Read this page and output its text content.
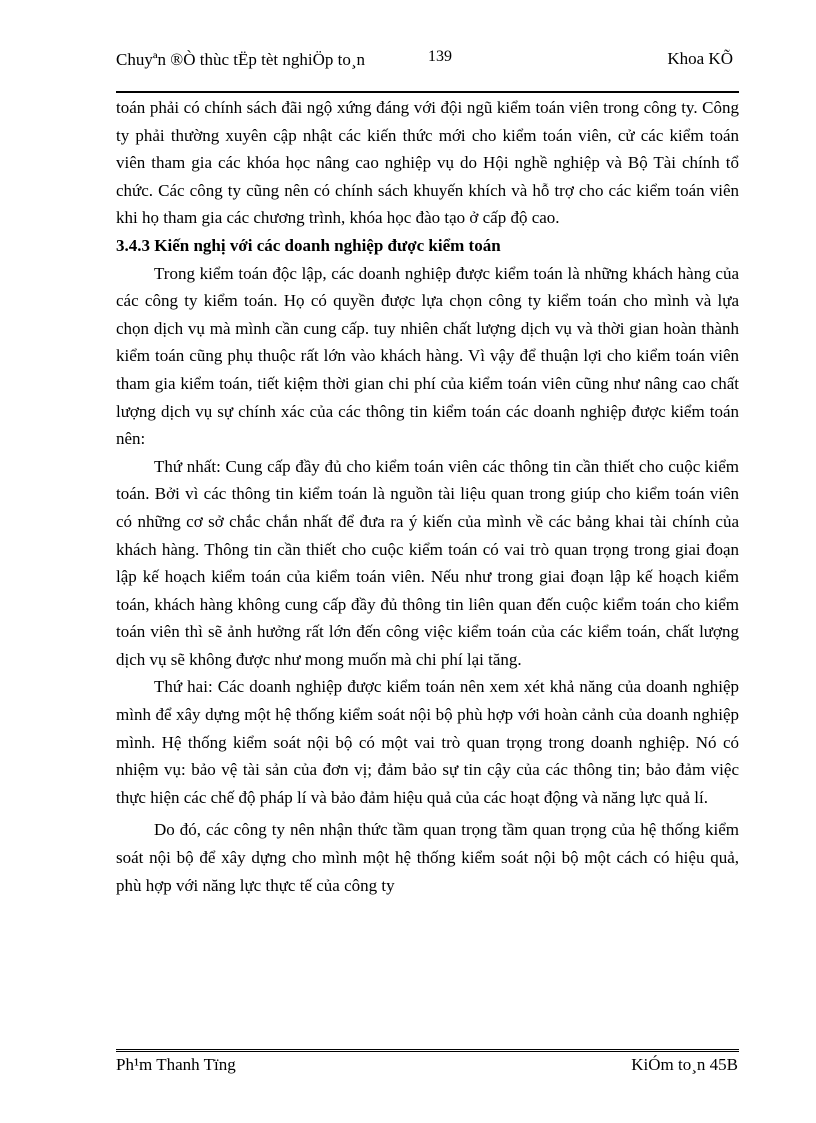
Chuyªn ®Ò thùc tËp tèt nghiÖp to¸n	139	Khoa KÕ

toán phải có chính sách đãi ngộ xứng đáng với đội ngũ kiểm toán viên trong công ty. Công ty phải thường xuyên cập nhật các kiến thức mới cho kiểm toán viên, cử các kiểm toán viên tham gia các khóa học nâng cao nghiệp vụ do Hội nghề nghiệp và Bộ Tài chính tổ chức. Các công ty cũng nên có chính sách khuyến khích và hỗ trợ cho các kiểm toán viên khi họ tham gia các chương trình, khóa học đào tạo ở cấp độ cao.

3.4.3 Kiến nghị với các doanh nghiệp được kiểm toán

Trong kiểm toán độc lập, các doanh nghiệp được kiểm toán là những khách hàng của các công ty kiểm toán. Họ có quyền được lựa chọn công ty kiểm toán cho mình và lựa chọn dịch vụ mà mình cần cung cấp. tuy nhiên chất lượng dịch vụ và thời gian hoàn thành kiểm toán cũng phụ thuộc rất lớn vào khách hàng. Vì vậy để thuận lợi cho kiểm toán viên tham gia kiểm toán, tiết kiệm thời gian chi phí của kiểm toán viên cũng như nâng cao chất lượng dịch vụ sự chính xác của các thông tin kiểm toán các doanh nghiệp được kiểm toán nên:

Thứ nhất: Cung cấp đầy đủ cho kiểm toán viên các thông tin cần thiết cho cuộc kiểm toán. Bởi vì các thông tin kiểm toán là nguồn tài liệu quan trong giúp cho kiểm toán viên có những cơ sở chắc chắn nhất để đưa ra ý kiến của mình về các bảng khai tài chính của khách hàng. Thông tin cần thiết cho cuộc kiểm toán có vai trò quan trọng trong giai đoạn lập kế hoạch kiểm toán của kiểm toán viên. Nếu như trong giai đoạn lập kế hoạch kiểm toán, khách hàng không cung cấp đầy đủ thông tin liên quan đến cuộc kiểm toán cho kiểm toán viên thì sẽ ảnh hưởng rất lớn đến công việc kiểm toán của các kiểm toán, chất lượng dịch vụ sẽ không được như mong muốn mà chi phí lại tăng.

Thứ hai: Các doanh nghiệp được kiểm toán nên xem xét khả năng của doanh nghiệp mình để xây dựng một hệ thống kiểm soát nội bộ phù hợp với hoàn cảnh của doanh nghiệp mình. Hệ thống kiểm soát nội bộ có một vai trò quan trọng trong doanh nghiệp. Nó có nhiệm vụ: bảo vệ tài sản của đơn vị; đảm bảo sự tin cậy của các thông tin; bảo đảm việc thực hiện các chế độ pháp lí và bảo đảm hiệu quả của các hoạt động và năng lực quả lí.

Do đó, các công ty nên nhận thức tầm quan trọng tầm quan trọng của hệ thống kiểm soát nội bộ để xây dựng cho mình một hệ thống kiểm soát nội bộ một cách có hiệu quả, phù hợp với năng lực thực tế của công ty

Ph¹m Thanh Tïng	KiÓm to¸n 45B
